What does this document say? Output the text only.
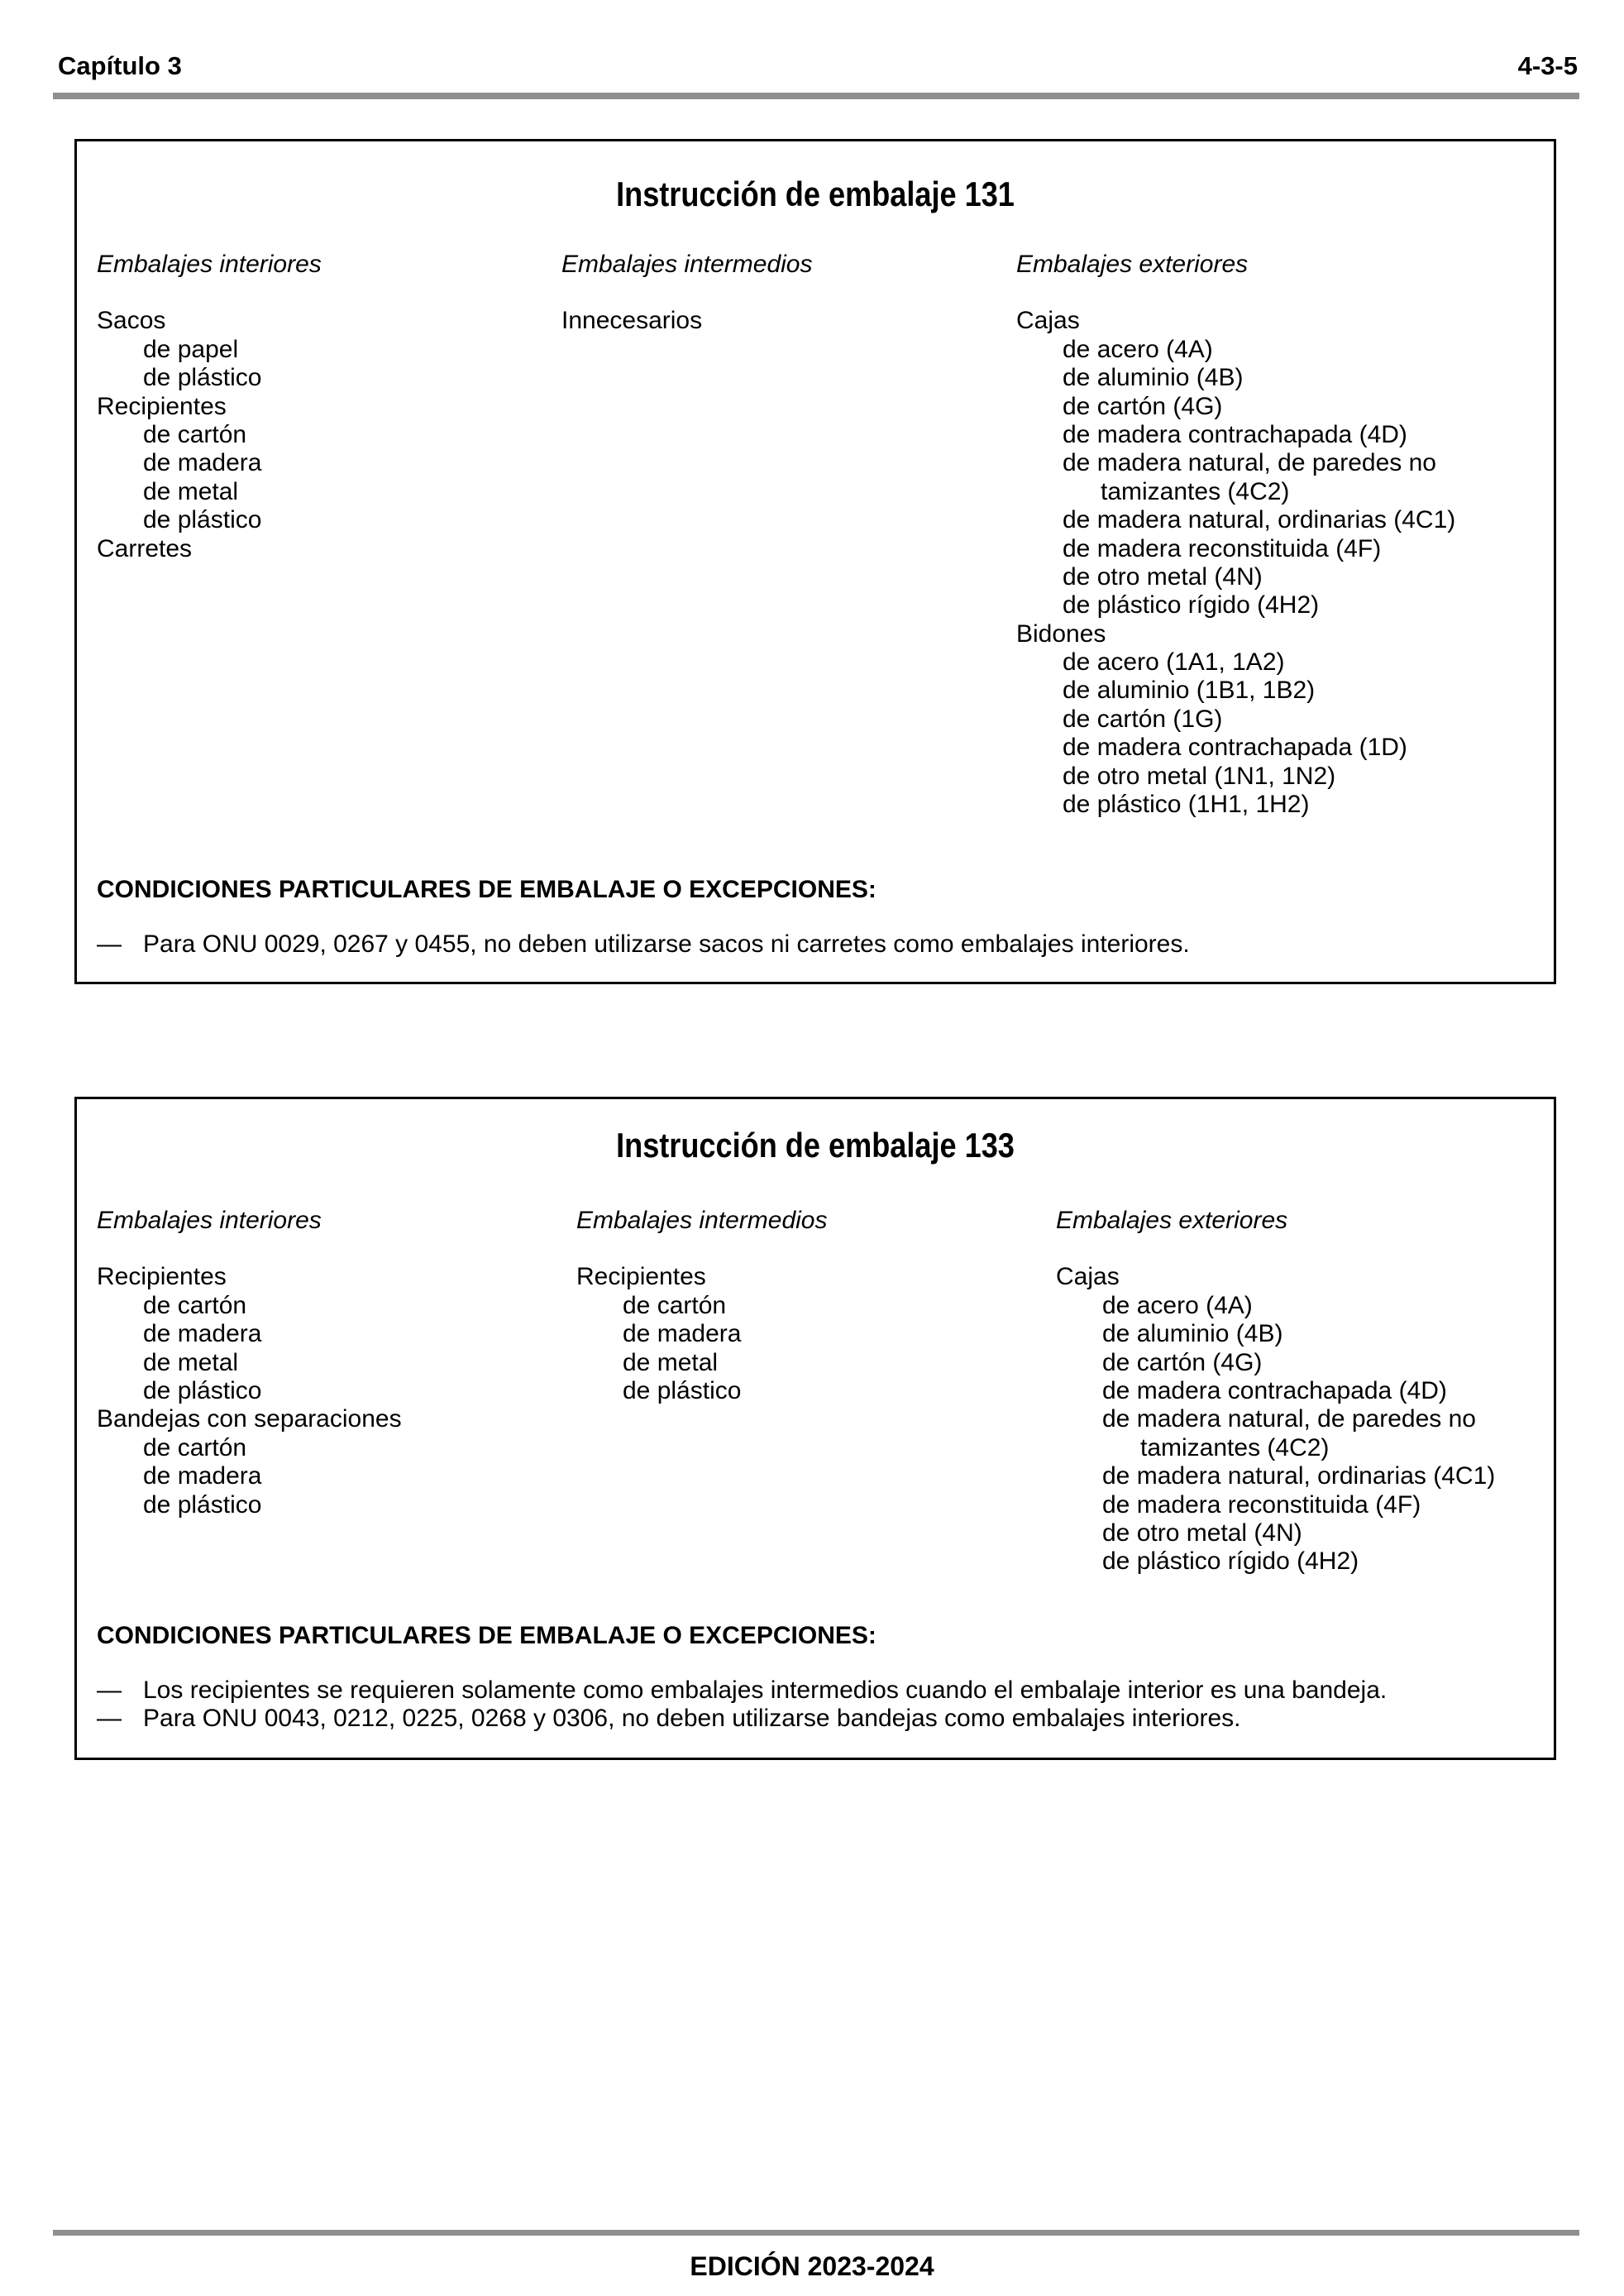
Capítulo 3	4-3-5
Instrucción de embalaje 131
Embalajes interiores
Sacos
de papel
de plástico
Recipientes
de cartón
de madera
de metal
de plástico
Carretes
Embalajes intermedios
Innecesarios
Embalajes exteriores
Cajas
de acero (4A)
de aluminio (4B)
de cartón (4G)
de madera contrachapada (4D)
de madera natural, de paredes no
tamizantes (4C2)
de madera natural, ordinarias (4C1)
de madera reconstituida (4F)
de otro metal (4N)
de plástico rígido (4H2)
Bidones
de acero (1A1, 1A2)
de aluminio (1B1, 1B2)
de cartón (1G)
de madera contrachapada (1D)
de otro metal (1N1, 1N2)
de plástico (1H1, 1H2)
CONDICIONES PARTICULARES DE EMBALAJE O EXCEPCIONES:
— Para ONU 0029, 0267 y 0455, no deben utilizarse sacos ni carretes como embalajes interiores.
Instrucción de embalaje 133
Embalajes interiores
Recipientes
de cartón
de madera
de metal
de plástico
Bandejas con separaciones
de cartón
de madera
de plástico
Embalajes intermedios
Recipientes
de cartón
de madera
de metal
de plástico
Embalajes exteriores
Cajas
de acero (4A)
de aluminio (4B)
de cartón (4G)
de madera contrachapada (4D)
de madera natural, de paredes no
tamizantes (4C2)
de madera natural, ordinarias (4C1)
de madera reconstituida (4F)
de otro metal (4N)
de plástico rígido (4H2)
CONDICIONES PARTICULARES DE EMBALAJE O EXCEPCIONES:
— Los recipientes se requieren solamente como embalajes intermedios cuando el embalaje interior es una bandeja.
— Para ONU 0043, 0212, 0225, 0268 y 0306, no deben utilizarse bandejas como embalajes interiores.
EDICIÓN 2023-2024
